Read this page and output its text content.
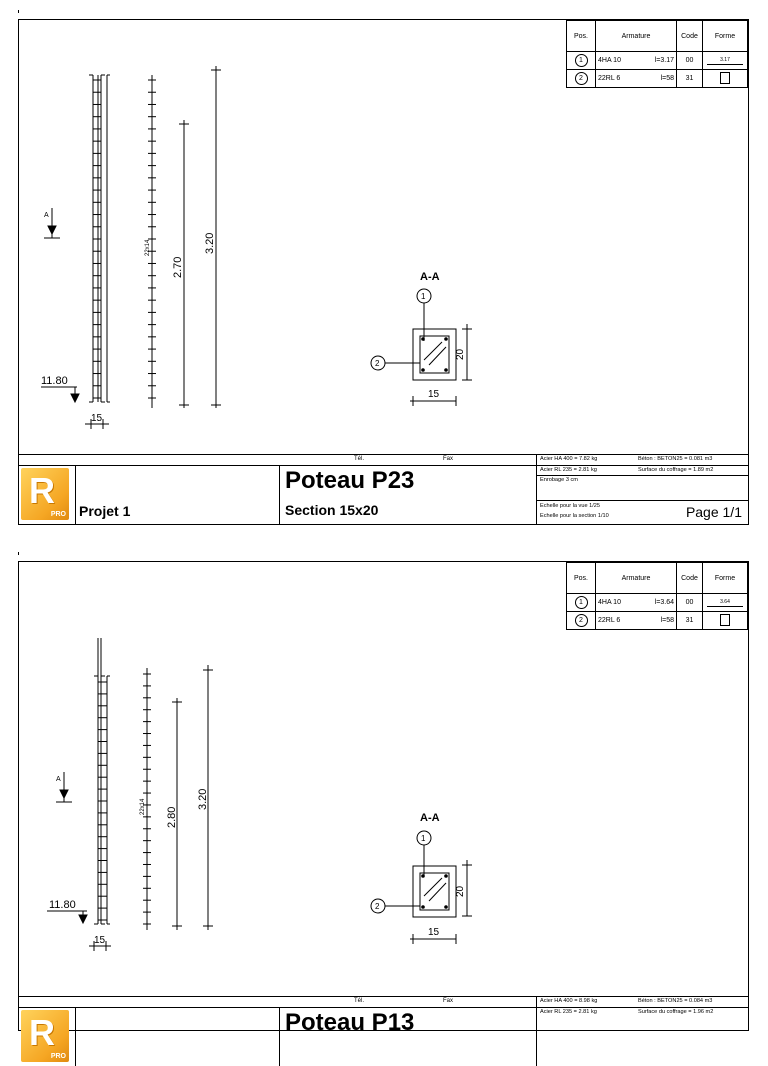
A
11.80
15
22x14
2.70
3.20
A-A
1
2
15
20
Pos.	Armature	Code	Forme
1	4HA 10 l=3.17	00	3.17

2	22RL 6 l=58	31	
Tél.	Fax
R
PRO Projet 1
Poteau P23
Section 15x20
Acier HA 400 = 7.82 kg	Béton : BETON25 = 0.081 m3
Acier RL 235 = 2.81 kg	Surface du coffrage = 1.89 m2
Enrobage 3 cm
Echelle pour la vue 1/25
Echelle pour la section 1/10	Page 1/1
A
11.80
15
22x14 2.80
3.20
A-A
1
2
15
20
Pos.	Armature	Code	Forme
1	4HA 10 l=3.64	00	3.64

2	22RL 6 l=58	31	
Tél.	Fax
R
PRO
Poteau P13
Acier HA 400 = 8.98 kg	Béton : BETON25 = 0.084 m3
Acier RL 235 = 2.81 kg	Surface du coffrage = 1.96 m2
